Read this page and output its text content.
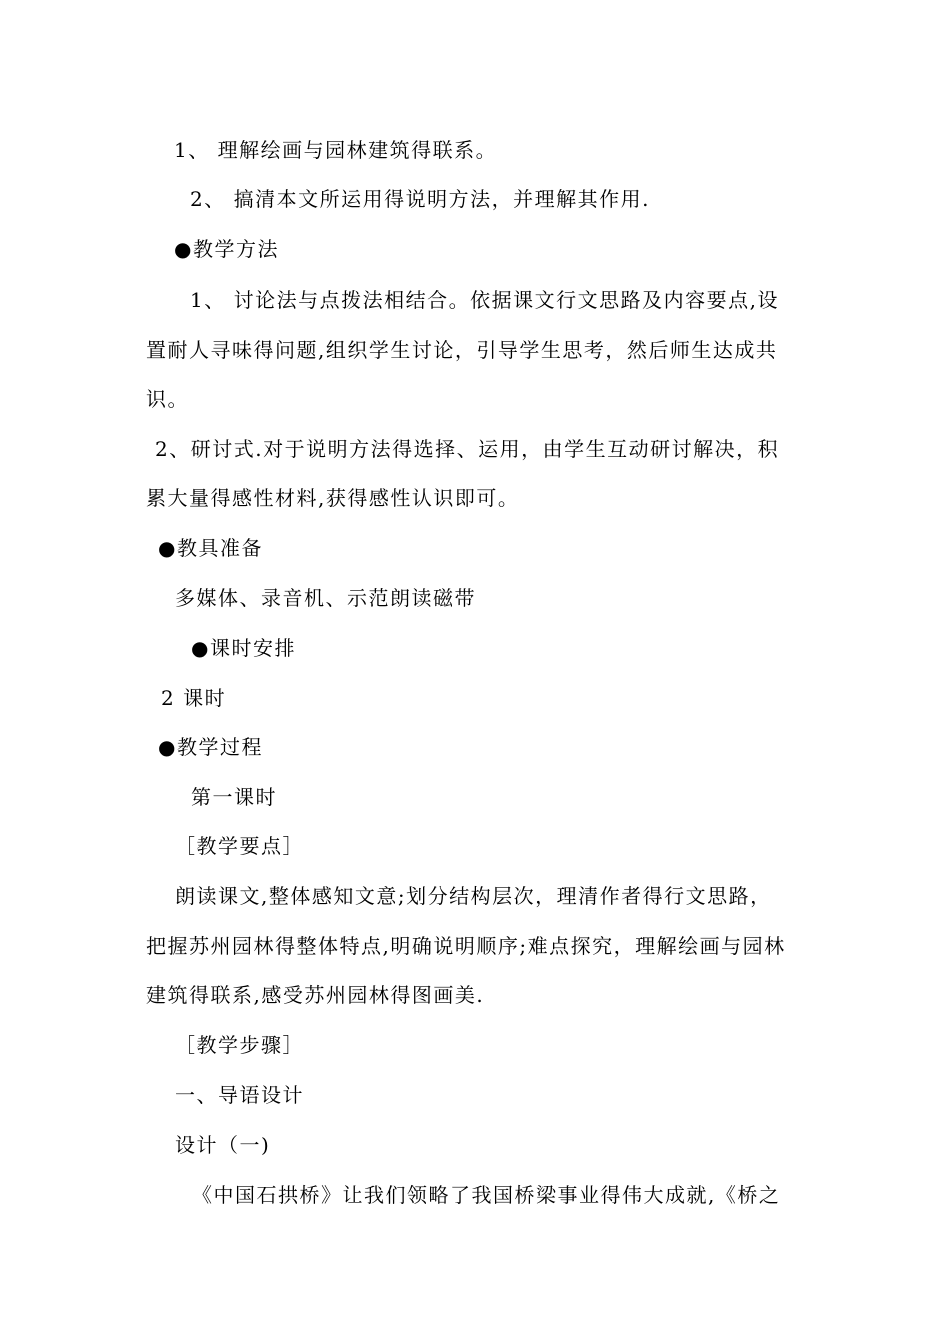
1、 理解绘画与园林建筑得联系。
2、 搞清本文所运用得说明方法，并理解其作用.
●教学方法
1、 讨论法与点拨法相结合。依据课文行文思路及内容要点,设
置耐人寻味得问题,组织学生讨论，引导学生思考，然后师生达成共
识。
2、研讨式.对于说明方法得选择、运用，由学生互动研讨解决，积
累大量得感性材料,获得感性认识即可。
●教具准备
多媒体、录音机、示范朗读磁带
●课时安排
2 课时
●教学过程
第一课时
［教学要点］
朗读课文,整体感知文意;划分结构层次，理清作者得行文思路，
把握苏州园林得整体特点,明确说明顺序;难点探究，理解绘画与园林
建筑得联系,感受苏州园林得图画美.
［教学步骤］
一、导语设计
设计（一)
《中国石拱桥》让我们领略了我国桥梁事业得伟大成就,《桥之
